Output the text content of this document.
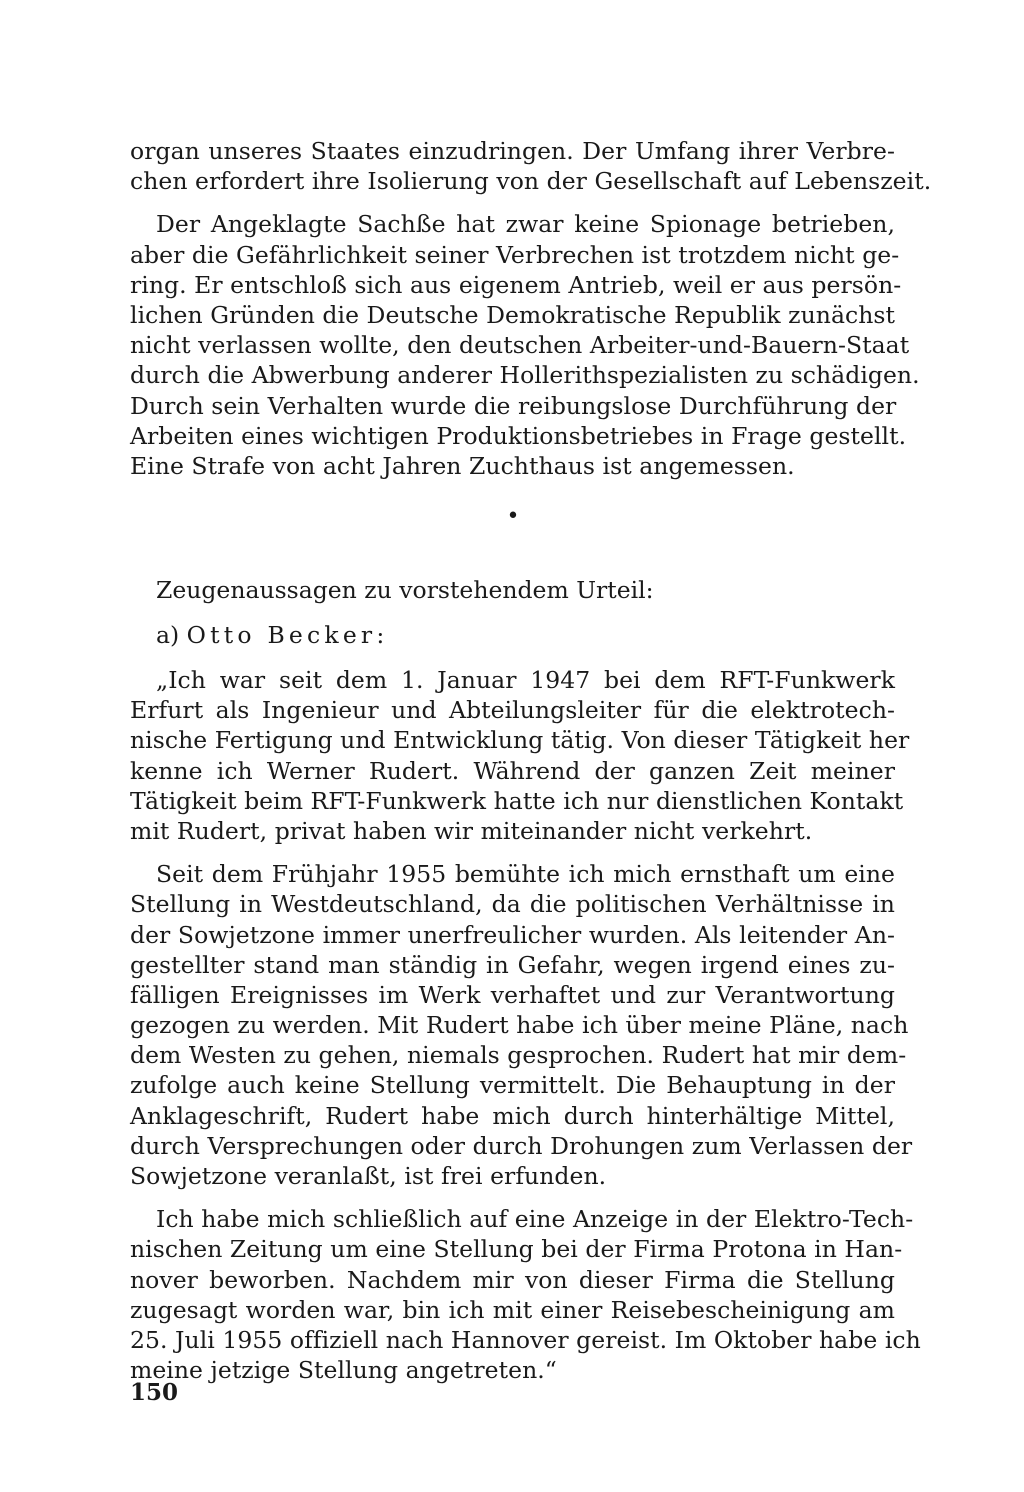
organ unseres Staates einzudringen. Der Umfang ihrer Verbre-
chen erfordert ihre Isolierung von der Gesellschaft auf Lebenszeit.
Der Angeklagte Sachße hat zwar keine Spionage betrieben,
aber die Gefährlichkeit seiner Verbrechen ist trotzdem nicht ge-
ring. Er entschloß sich aus eigenem Antrieb, weil er aus persön-
lichen Gründen die Deutsche Demokratische Republik zunächst
nicht verlassen wollte, den deutschen Arbeiter-und-Bauern-Staat
durch die Abwerbung anderer Hollerithspezialisten zu schädigen.
Durch sein Verhalten wurde die reibungslose Durchführung der
Arbeiten eines wichtigen Produktionsbetriebes in Frage gestellt.
Eine Strafe von acht Jahren Zuchthaus ist angemessen.
•
Zeugenaussagen zu vorstehendem Urteil:
a) Otto Becker:
„Ich war seit dem 1. Januar 1947 bei dem RFT-Funkwerk
Erfurt als Ingenieur und Abteilungsleiter für die elektrotech-
nische Fertigung und Entwicklung tätig. Von dieser Tätigkeit her
kenne ich Werner Rudert. Während der ganzen Zeit meiner
Tätigkeit beim RFT-Funkwerk hatte ich nur dienstlichen Kontakt
mit Rudert, privat haben wir miteinander nicht verkehrt.
Seit dem Frühjahr 1955 bemühte ich mich ernsthaft um eine
Stellung in Westdeutschland, da die politischen Verhältnisse in
der Sowjetzone immer unerfreulicher wurden. Als leitender An-
gestellter stand man ständig in Gefahr, wegen irgend eines zu-
fälligen Ereignisses im Werk verhaftet und zur Verantwortung
gezogen zu werden. Mit Rudert habe ich über meine Pläne, nach
dem Westen zu gehen, niemals gesprochen. Rudert hat mir dem-
zufolge auch keine Stellung vermittelt. Die Behauptung in der
Anklageschrift, Rudert habe mich durch hinterhältige Mittel,
durch Versprechungen oder durch Drohungen zum Verlassen der
Sowjetzone veranlaßt, ist frei erfunden.
Ich habe mich schließlich auf eine Anzeige in der Elektro-Tech-
nischen Zeitung um eine Stellung bei der Firma Protona in Han-
nover beworben. Nachdem mir von dieser Firma die Stellung
zugesagt worden war, bin ich mit einer Reisebescheinigung am
25. Juli 1955 offiziell nach Hannover gereist. Im Oktober habe ich
meine jetzige Stellung angetreten.“
150
